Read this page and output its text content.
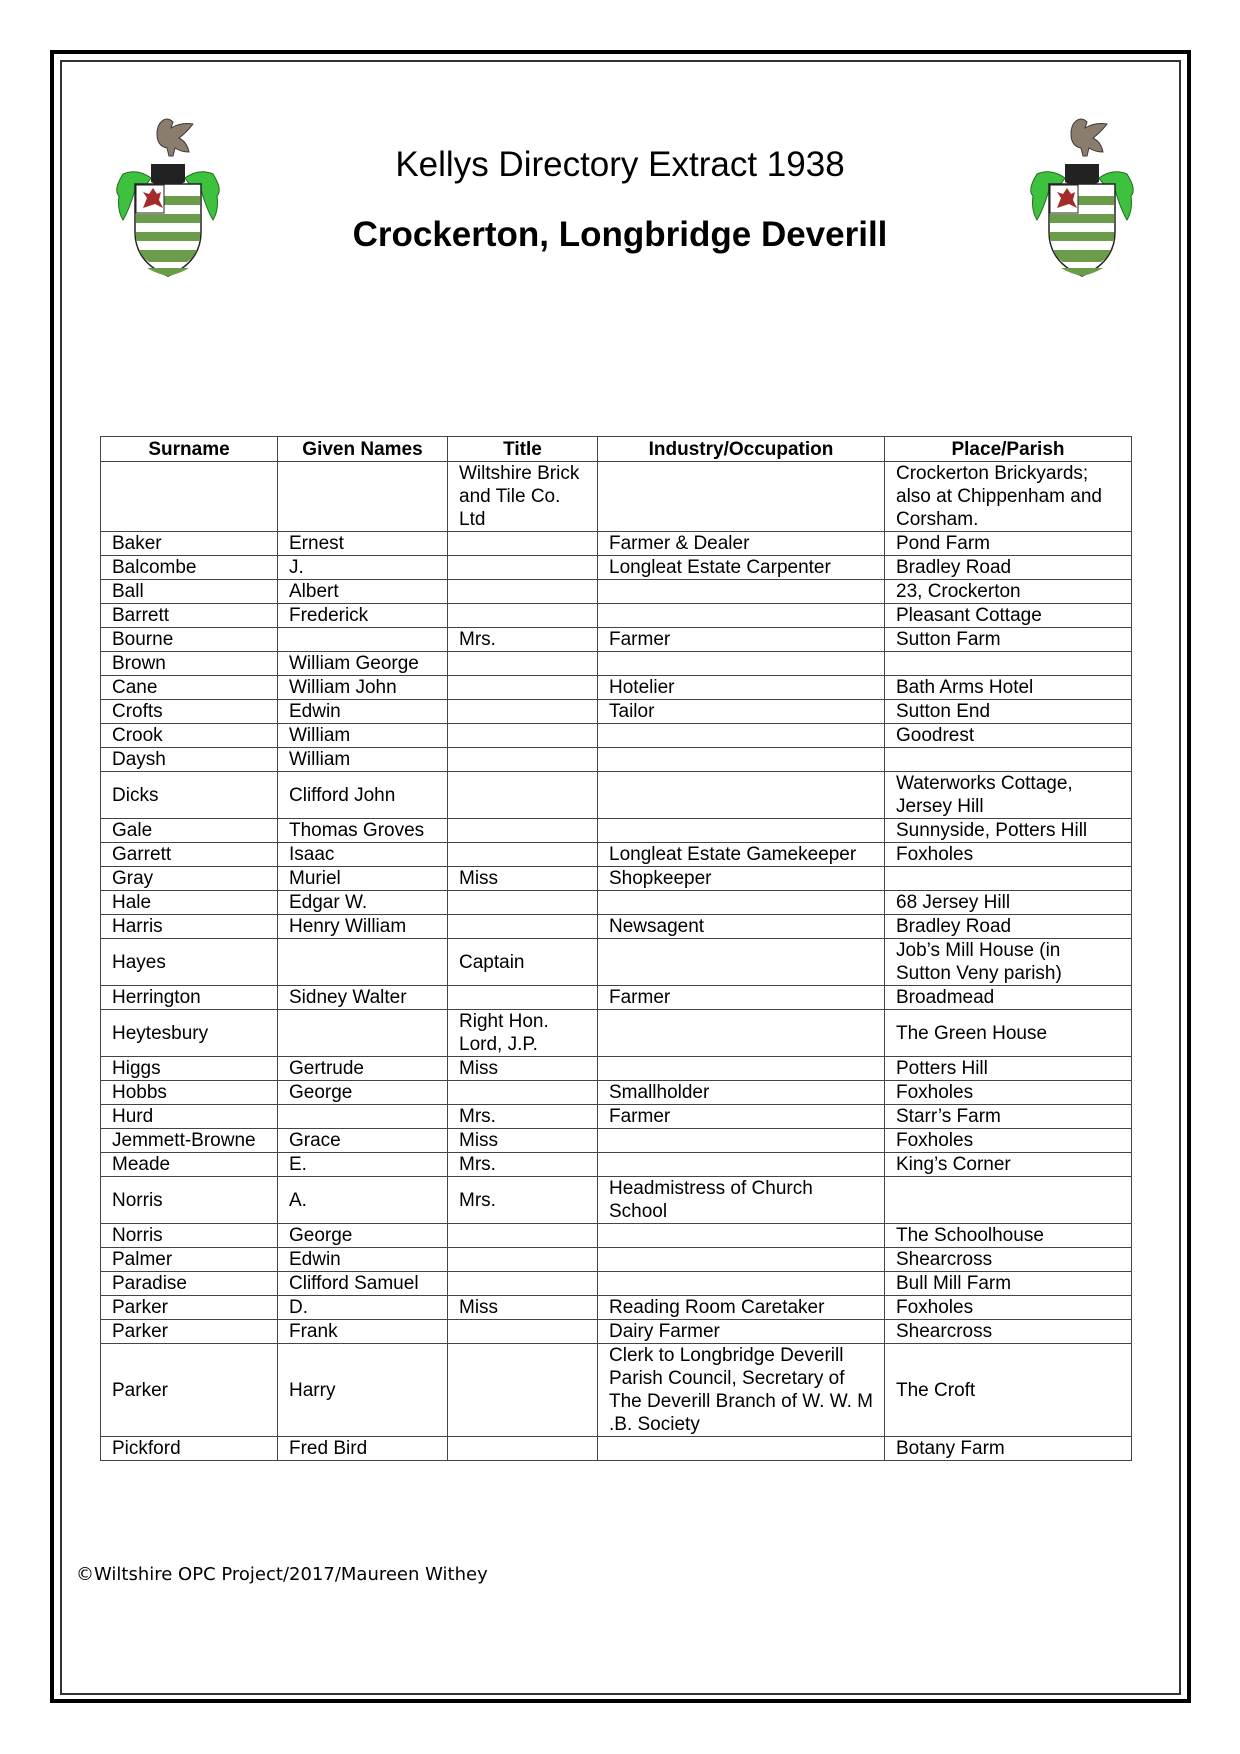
Kellys Directory Extract 1938
Crockerton, Longbridge Deverill
Surname	Given Names	Title	Industry/Occupation	Place/Parish
		Wiltshire Brick and Tile Co. Ltd		Crockerton Brickyards; also at Chippenham and Corsham.
Baker	Ernest		Farmer & Dealer	Pond Farm
Balcombe	J.		Longleat Estate Carpenter	Bradley Road
Ball	Albert			23, Crockerton
Barrett	Frederick			Pleasant Cottage
Bourne		Mrs.	Farmer	Sutton Farm
Brown	William George			
Cane	William John		Hotelier	Bath Arms Hotel
Crofts	Edwin		Tailor	Sutton End
Crook	William			Goodrest
Daysh	William			
Dicks	Clifford John			Waterworks Cottage, Jersey Hill
Gale	Thomas Groves			Sunnyside, Potters Hill
Garrett	Isaac		Longleat Estate Gamekeeper	Foxholes
Gray	Muriel	Miss	Shopkeeper	
Hale	Edgar W.			68 Jersey Hill
Harris	Henry William		Newsagent	Bradley Road
Hayes		Captain		Job’s Mill House (in Sutton Veny parish)
Herrington	Sidney Walter		Farmer	Broadmead
Heytesbury		Right Hon. Lord, J.P.		The Green House
Higgs	Gertrude	Miss		Potters Hill
Hobbs	George		Smallholder	Foxholes
Hurd		Mrs.	Farmer	Starr’s Farm
Jemmett-Browne	Grace	Miss		Foxholes
Meade	E.	Mrs.		King’s Corner
Norris	A.	Mrs.	Headmistress of Church School	
Norris	George			The Schoolhouse
Palmer	Edwin			Shearcross
Paradise	Clifford Samuel			Bull Mill Farm
Parker	D.	Miss	Reading Room Caretaker	Foxholes
Parker	Frank		Dairy Farmer	Shearcross
Parker	Harry		Clerk to Longbridge Deverill Parish Council, Secretary of The Deverill Branch of W. W. M .B. Society	The Croft
Pickford	Fred Bird			Botany Farm
©Wiltshire OPC Project/2017/Maureen Withey
